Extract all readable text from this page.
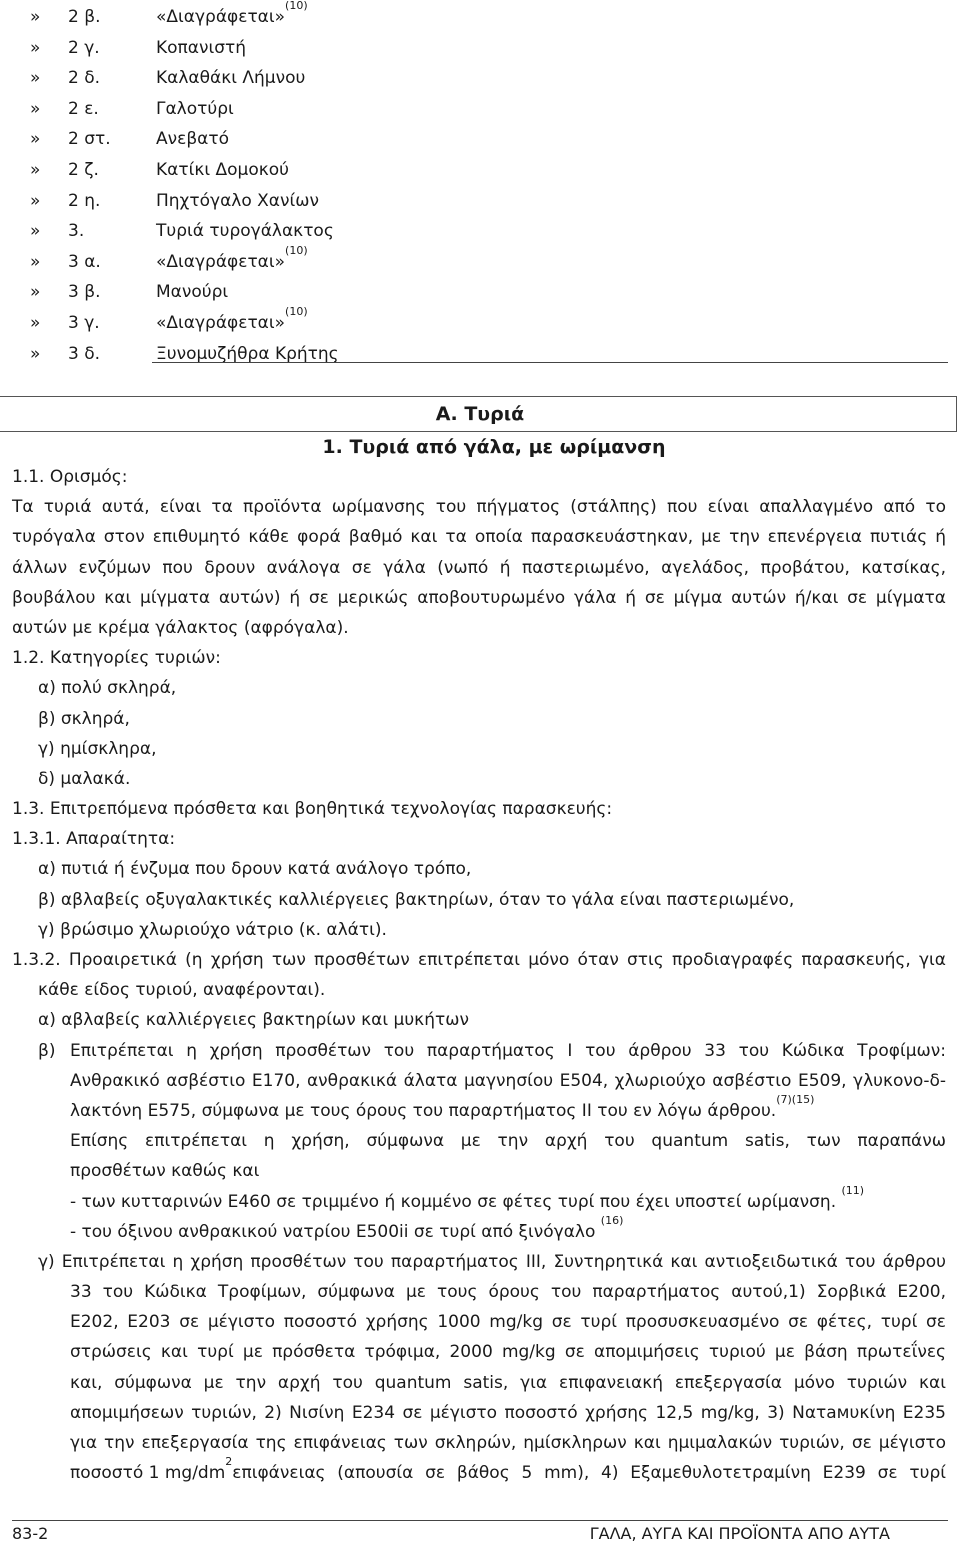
» 2 β.	«Διαγράφεται»$^{(10)}$
» 2 γ.	Κοπανιστή
» 2 δ.	Καλαθάκι Λήμνου
» 2 ε.	Γαλοτύρι
» 2 στ.	Ανεβατό
» 2 ζ.	Κατίκι Δομοκού
» 2 η.	Πηχτόγαλο Χανίων
» 3.	Τυριά τυρογάλακτος
» 3 α.	«Διαγράφεται»$^{(10)}$
» 3 β.	Μανούρι
» 3 γ.	«Διαγράφεται»$^{(10)}$
» 3 δ.	Ξυνομυζήθρα Κρήτης
Α. Τυριά
1. Τυριά από γάλα, με ωρίμανση
1.1. Ορισμός:
Τα τυριά αυτά, είναι τα προϊόντα ωρίμανσης του πήγματος (στάλπης) που είναι απαλλαγμένο από το
τυρόγαλα στον επιθυμητό κάθε φορά βαθμό και τα οποία παρασκευάστηκαν, με την επενέργεια πυτιάς ή
άλλων ενζύμων που δρουν ανάλογα σε γάλα (νωπό ή παστεριωμένο, αγελάδος, προβάτου, κατσίκας,
βουβάλου και μίγματα αυτών) ή σε μερικώς αποβουτυρωμένο γάλα ή σε μίγμα αυτών ή/και σε μίγματα
αυτών με κρέμα γάλακτος (αφρόγαλα).
1.2. Κατηγορίες τυριών:
α) πολύ σκληρά,
β) σκληρά,
γ) ημίσκληρα,
δ) μαλακά.
1.3. Επιτρεπόμενα πρόσθετα και βοηθητικά τεχνολογίας παρασκευής:
1.3.1. Απαραίτητα:
α) πυτιά ή ένζυμα που δρουν κατά ανάλογο τρόπο,
β) αβλαβείς οξυγαλακτικές καλλιέργειες βακτηρίων, όταν το γάλα είναι παστεριωμένο,
γ) βρώσιμο χλωριούχο νάτριο (κ. αλάτι).
1.3.2. Προαιρετικά (η χρήση των προσθέτων επιτρέπεται μόνο όταν στις προδιαγραφές παρασκευής, για
κάθε είδος τυριού, αναφέρονται).
α) αβλαβείς καλλιέργειες βακτηρίων και μυκήτων
β) Επιτρέπεται η χρήση προσθέτων του παραρτήματος Ι του άρθρου 33 του Κώδικα Τροφίμων:
Ανθρακικό ασβέστιο Ε170, ανθρακικά άλατα μαγνησίου Ε504, χλωριούχο ασβέστιο Ε509, γλυκονο-δ-
λακτόνη Ε575, σύμφωνα με τους όρους του παραρτήματος ΙΙ του εν λόγω άρθρου.$^{(7)(15)}$
Επίσης επιτρέπεται η χρήση, σύμφωνα με την αρχή του quantum satis, των παραπάνω
προσθέτων καθώς και
- των κυτταρινών Ε460 σε τριμμένο ή κομμένο σε φέτες τυρί που έχει υποστεί ωρίμανση. $^{(11)}$
- του όξινου ανθρακικού νατρίου Ε500ii σε τυρί από ξινόγαλο $^{(16)}$
γ) Επιτρέπεται η χρήση προσθέτων του παραρτήματος ΙΙΙ, Συντηρητικά και αντιοξειδωτικά του άρθρου
33 του Κώδικα Τροφίμων, σύμφωνα με τους όρους του παραρτήματος αυτού,1) Σορβικά Ε200,
Ε202, Ε203 σε μέγιστο ποσοστό χρήσης 1000 mg/kg σε τυρί προσυσκευασμένο σε φέτες, τυρί σε
στρώσεις και τυρί με πρόσθετα τρόφιμα, 2000 mg/kg σε απομιμήσεις τυριού με βάση πρωτεΐνες
και, σύμφωνα με την αρχή του quantum satis, για επιφανειακή επεξεργασία μόνο τυριών και
απομιμήσεων τυριών, 2) Νισίνη Ε234 σε μέγιστο ποσοστό χρήσης 12,5 mg/kg, 3) Νατамυκίνη Ε235
για την επεξεργασία της επιφάνειας των σκληρών, ημίσκληρων και ημιμαλακών τυριών, σε μέγιστο
ποσοστό 1 mg/dm
$^2$
επιφάνειας (απουσία σε βάθος 5 mm), 4) Εξαμεθυλοτετραμίνη Ε239 σε τυρί
83-2	ΓΑΛΑ, ΑΥΓΑ ΚΑΙ ΠΡΟΪΟΝΤΑ ΑΠΟ ΑΥΤΑ
